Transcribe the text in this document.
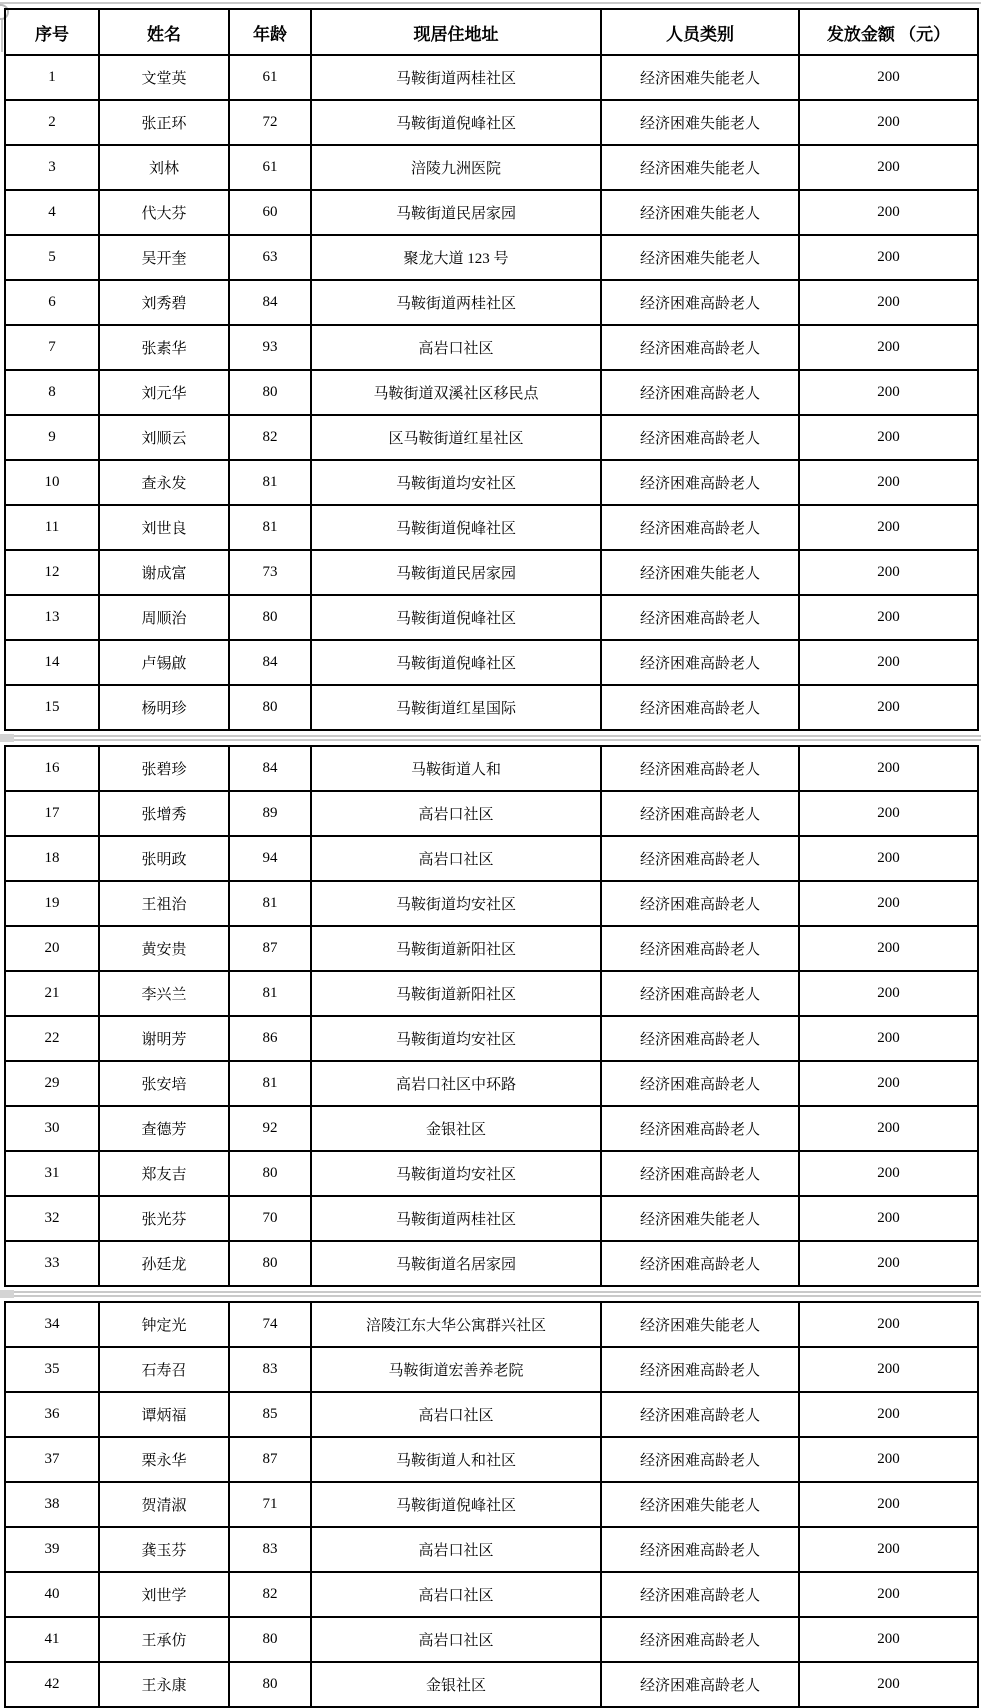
序号	姓名	年龄	现居住地址	人员类别	发放金额 （元）
1	文堂英	61	马鞍街道两桂社区	经济困难失能老人	200
2	张正环	72	马鞍街道倪峰社区	经济困难失能老人	200
3	刘林	61	涪陵九洲医院	经济困难失能老人	200
4	代大芬	60	马鞍街道民居家园	经济困难失能老人	200
5	吴开奎	63	聚龙大道 123 号	经济困难失能老人	200
6	刘秀碧	84	马鞍街道两桂社区	经济困难高龄老人	200
7	张素华	93	高岩口社区	经济困难高龄老人	200
8	刘元华	80	马鞍街道双溪社区移民点	经济困难高龄老人	200
9	刘顺云	82	区马鞍街道红星社区	经济困难高龄老人	200
10	查永发	81	马鞍街道均安社区	经济困难高龄老人	200
11	刘世良	81	马鞍街道倪峰社区	经济困难高龄老人	200
12	谢成富	73	马鞍街道民居家园	经济困难失能老人	200
13	周顺治	80	马鞍街道倪峰社区	经济困难高龄老人	200
14	卢锡啟	84	马鞍街道倪峰社区	经济困难高龄老人	200
15	杨明珍	80	马鞍街道红星国际	经济困难高龄老人	200
16	张碧珍	84	马鞍街道人和	经济困难高龄老人	200
17	张增秀	89	高岩口社区	经济困难高龄老人	200
18	张明政	94	高岩口社区	经济困难高龄老人	200
19	王祖治	81	马鞍街道均安社区	经济困难高龄老人	200
20	黄安贵	87	马鞍街道新阳社区	经济困难高龄老人	200
21	李兴兰	81	马鞍街道新阳社区	经济困难高龄老人	200
22	谢明芳	86	马鞍街道均安社区	经济困难高龄老人	200
29	张安培	81	高岩口社区中环路	经济困难高龄老人	200
30	查德芳	92	金银社区	经济困难高龄老人	200
31	郑友吉	80	马鞍街道均安社区	经济困难高龄老人	200
32	张光芬	70	马鞍街道两桂社区	经济困难失能老人	200
33	孙廷龙	80	马鞍街道名居家园	经济困难高龄老人	200
34	钟定光	74	涪陵江东大华公寓群兴社区	经济困难失能老人	200
35	石寿召	83	马鞍街道宏善养老院	经济困难高龄老人	200
36	谭炳福	85	高岩口社区	经济困难高龄老人	200
37	栗永华	87	马鞍街道人和社区	经济困难高龄老人	200
38	贺清淑	71	马鞍街道倪峰社区	经济困难失能老人	200
39	龚玉芬	83	高岩口社区	经济困难高龄老人	200
40	刘世学	82	高岩口社区	经济困难高龄老人	200
41	王承仿	80	高岩口社区	经济困难高龄老人	200
42	王永康	80	金银社区	经济困难高龄老人	200
